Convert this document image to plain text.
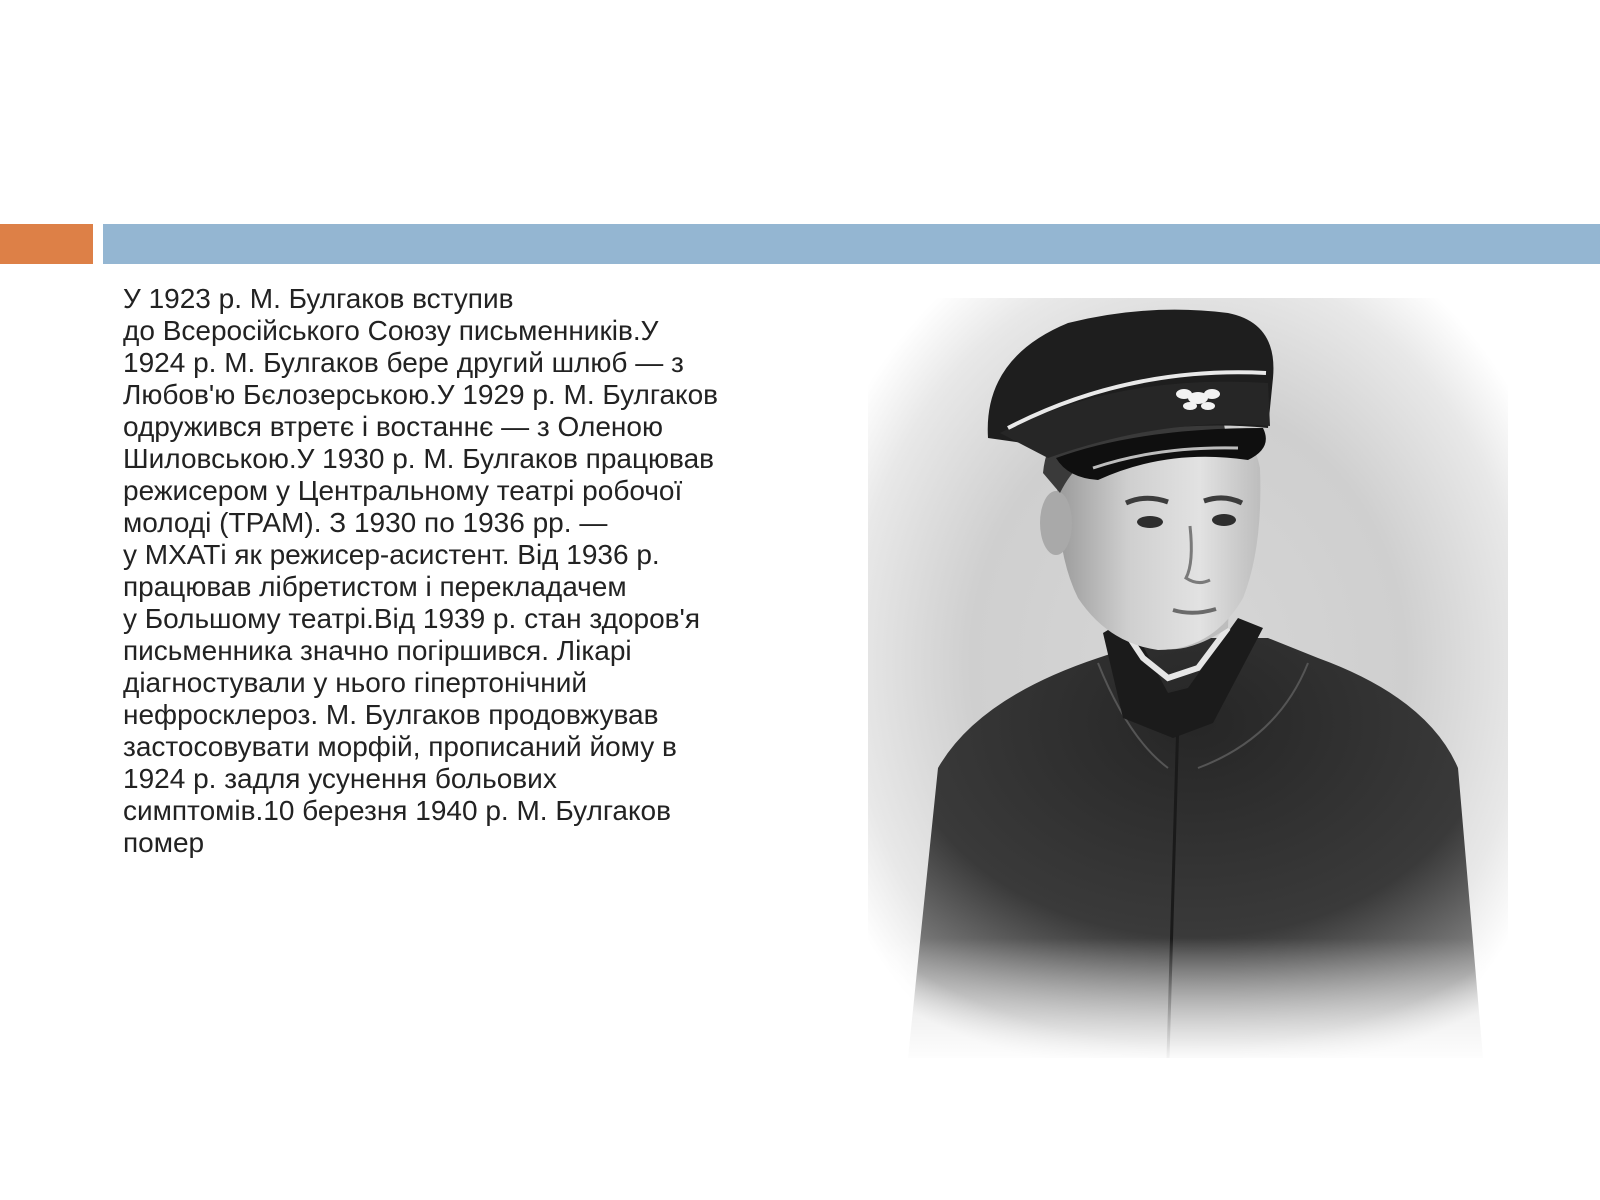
У 1923 р. М. Булгаков вступив
до Всеросійського Союзу письменників.У
1924 р. М. Булгаков бере другий шлюб — з
Любов'ю Бєлозерською.У 1929 р. М. Булгаков
одружився втретє і востаннє — з Оленою
Шиловською.У 1930 р. М. Булгаков працював
режисером у Центральному театрі робочої
молоді (ТРАМ). З 1930 по 1936 рр. —
у МХАТі як режисер-асистент. Від 1936 р.
працював лібретистом і перекладачем
у Большому театрі.Від 1939 р. стан здоров'я
письменника значно погіршився. Лікарі
діагностували у нього гіпертонічний
нефросклероз. М. Булгаков продовжував
застосовувати морфій, прописаний йому в
1924 р. задля усунення больових
симптомів.10 березня 1940 р. М. Булгаков
помер
